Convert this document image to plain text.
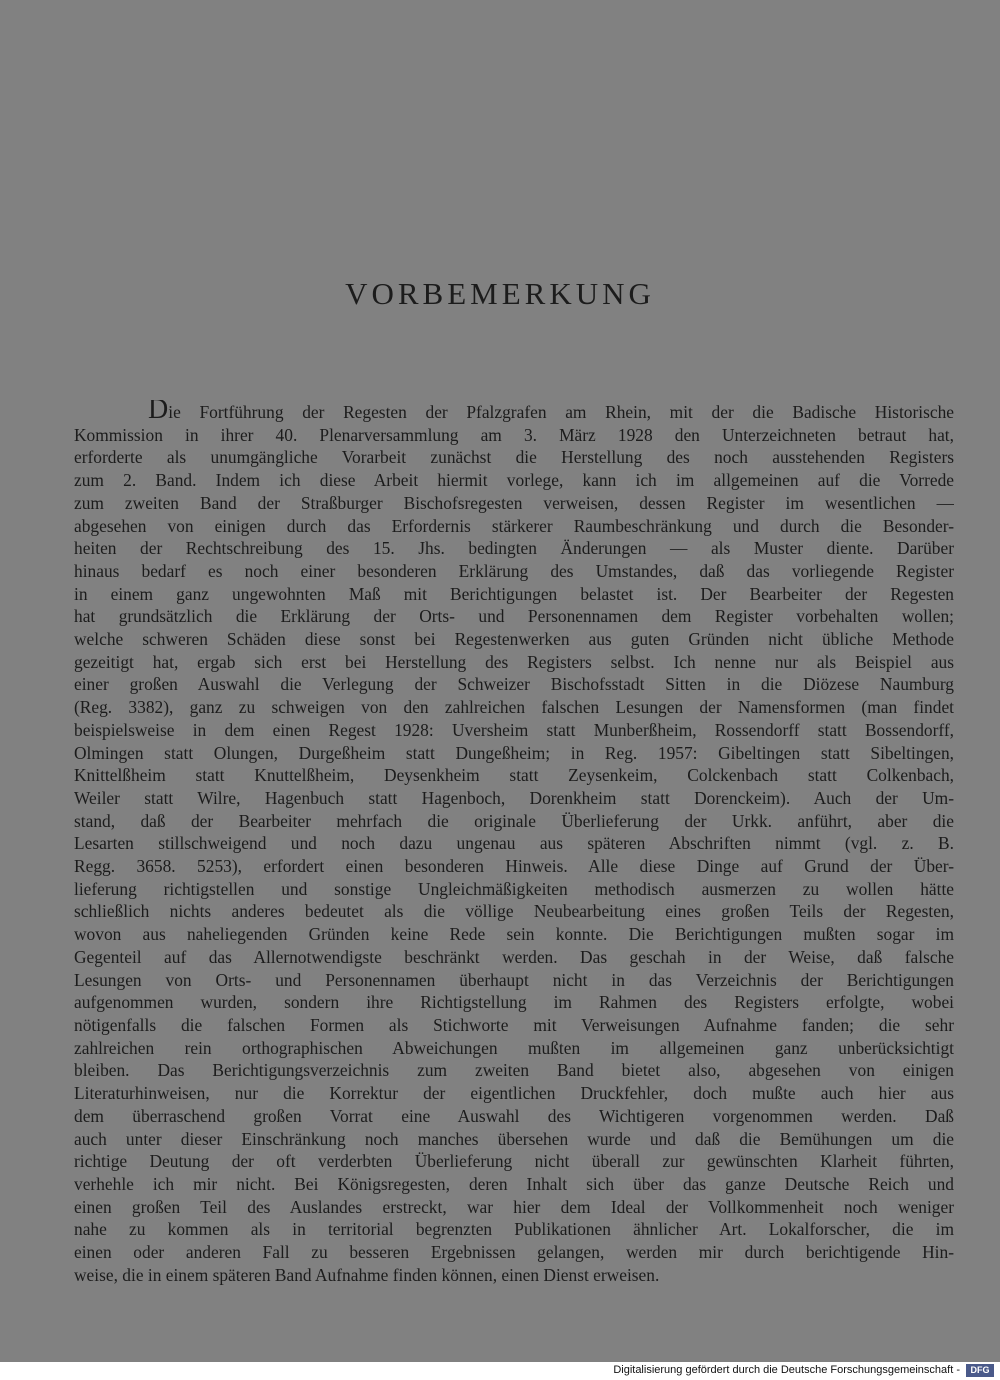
VORBEMERKUNG
Die Fortführung der Regesten der Pfalzgrafen am Rhein, mit der die Badische Historische
Kommission in ihrer 40. Plenarversammlung am 3. März 1928 den Unterzeichneten betraut hat,
erforderte als unumgängliche Vorarbeit zunächst die Herstellung des noch ausstehenden Registers
zum 2. Band. Indem ich diese Arbeit hiermit vorlege, kann ich im allgemeinen auf die Vorrede
zum zweiten Band der Straßburger Bischofsregesten verweisen, dessen Register im wesentlichen —
abgesehen von einigen durch das Erfordernis stärkerer Raumbeschränkung und durch die Besonder-
heiten der Rechtschreibung des 15. Jhs. bedingten Änderungen — als Muster diente. Darüber
hinaus bedarf es noch einer besonderen Erklärung des Umstandes, daß das vorliegende Register
in einem ganz ungewohnten Maß mit Berichtigungen belastet ist. Der Bearbeiter der Regesten
hat grundsätzlich die Erklärung der Orts- und Personennamen dem Register vorbehalten wollen;
welche schweren Schäden diese sonst bei Regestenwerken aus guten Gründen nicht übliche Methode
gezeitigt hat, ergab sich erst bei Herstellung des Registers selbst. Ich nenne nur als Beispiel aus
einer großen Auswahl die Verlegung der Schweizer Bischofsstadt Sitten in die Diözese Naumburg
(Reg. 3382), ganz zu schweigen von den zahlreichen falschen Lesungen der Namensformen (man findet
beispielsweise in dem einen Regest 1928: Uversheim statt Munberßheim, Rossendorff statt Bossendorff,
Olmingen statt Olungen, Durgeßheim statt Dungeßheim; in Reg. 1957: Gibeltingen statt Sibeltingen,
Knittelßheim statt Knuttelßheim, Deysenkheim statt Zeysenkeim, Colckenbach statt Colkenbach,
Weiler statt Wilre, Hagenbuch statt Hagenboch, Dorenkheim statt Dorenckeim). Auch der Um-
stand, daß der Bearbeiter mehrfach die originale Überlieferung der Urkk. anführt, aber die
Lesarten stillschweigend und noch dazu ungenau aus späteren Abschriften nimmt (vgl. z. B.
Regg. 3658. 5253), erfordert einen besonderen Hinweis. Alle diese Dinge auf Grund der Über-
lieferung richtigstellen und sonstige Ungleichmäßigkeiten methodisch ausmerzen zu wollen hätte
schließlich nichts anderes bedeutet als die völlige Neubearbeitung eines großen Teils der Regesten,
wovon aus naheliegenden Gründen keine Rede sein konnte. Die Berichtigungen mußten sogar im
Gegenteil auf das Allernotwendigste beschränkt werden. Das geschah in der Weise, daß falsche
Lesungen von Orts- und Personennamen überhaupt nicht in das Verzeichnis der Berichtigungen
aufgenommen wurden, sondern ihre Richtigstellung im Rahmen des Registers erfolgte, wobei
nötigenfalls die falschen Formen als Stichworte mit Verweisungen Aufnahme fanden; die sehr
zahlreichen rein orthographischen Abweichungen mußten im allgemeinen ganz unberücksichtigt
bleiben. Das Berichtigungsverzeichnis zum zweiten Band bietet also, abgesehen von einigen
Literaturhinweisen, nur die Korrektur der eigentlichen Druckfehler, doch mußte auch hier aus
dem überraschend großen Vorrat eine Auswahl des Wichtigeren vorgenommen werden. Daß
auch unter dieser Einschränkung noch manches übersehen wurde und daß die Bemühungen um die
richtige Deutung der oft verderbten Überlieferung nicht überall zur gewünschten Klarheit führten,
verhehle ich mir nicht. Bei Königsregesten, deren Inhalt sich über das ganze Deutsche Reich und
einen großen Teil des Auslandes erstreckt, war hier dem Ideal der Vollkommenheit noch weniger
nahe zu kommen als in territorial begrenzten Publikationen ähnlicher Art. Lokalforscher, die im
einen oder anderen Fall zu besseren Ergebnissen gelangen, werden mir durch berichtigende Hin-
weise, die in einem späteren Band Aufnahme finden können, einen Dienst erweisen.
Digitalisierung gefördert durch die Deutsche Forschungsgemeinschaft -	DFG
